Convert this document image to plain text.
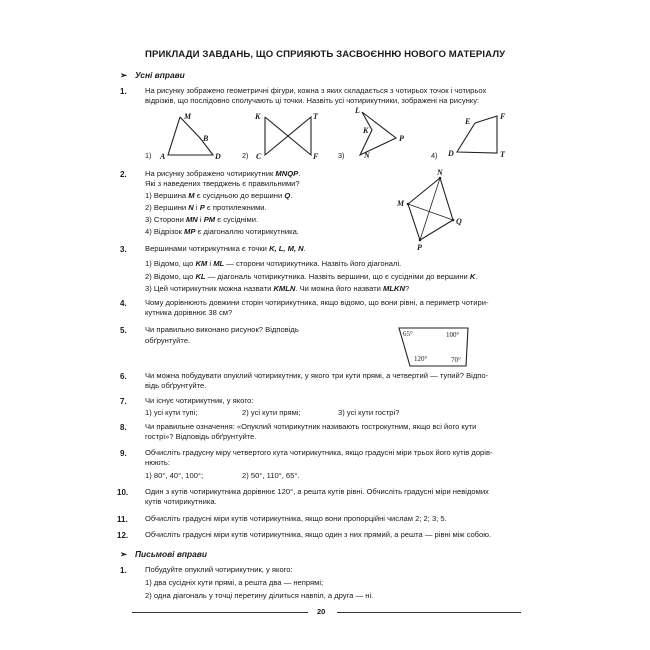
ПРИКЛАДИ ЗАВДАНЬ, ЩО СПРИЯЮТЬ ЗАСВОЄННЮ НОВОГО МАТЕРІАЛУ
➢ Усні вправи
1. На рисунку зображено геометричні фігури, кожна з яких складається з чотирьох точок і чотирьох
відрізків, що послідовно сполучають ці точки. Назвіть усі чотирикутники, зображені на рисунку:
1)	2)	3)	4)
M
B
A	D
K	T
C	F
L
K
P
N
E
F
D	T
N
M
Q
P
65°	100°
120°	70°
2. На рисунку зображено чотирикутник MNQP.
Які з наведених тверджень є правильними?
1) Вершина M є сусідньою до вершини Q.
2) Вершини N і P є протилежними.
3) Сторони MN і PM є сусідніми.
4) Відрізок MP є діагоналлю чотирикутника.
3. Вершинами чотирикутника є точки K, L, M, N.
1) Відомо, що KM і ML — сторони чотирикутника. Назвіть його діагоналі.
2) Відомо, що KL — діагональ чотирикутника. Назвіть вершини, що є сусідніми до вершини K.
3) Цей чотирикутник можна назвати KMLN. Чи можна його назвати MLKN?
4. Чому дорівнюють довжини сторін чотирикутника, якщо відомо, що вони рівні, а периметр чотири-
кутника дорівнює 38 см?
5. Чи правильно виконано рисунок? Відповідь
обґрунтуйте.
6. Чи можна побудувати опуклий чотирикутник, у якого три кути прямі, а четвертий — тупий? Відпо-
відь обґрунтуйте.
7. Чи існує чотирикутник, у якого:
1) усі кути тупі;	2) усі кути прямі;	3) усі кути гострі?
8. Чи правильне означення: «Опуклий чотирикутник називають гострокутним, якщо всі його кути
гострі»? Відповідь обґрунтуйте.
9. Обчисліть градусну міру четвертого кута чотирикутника, якщо градусні міри трьох його кутів дорів-
нюють:
1) 80°, 40°, 100°;	2) 50°, 110°, 65°.
10. Один з кутів чотирикутника дорівнює 120°, а решта кутів рівні. Обчисліть градусні міри невідомих
кутів чотирикутника.
11. Обчисліть градусні міри кутів чотирикутника, якщо вони пропорційні числам 2; 2; 3; 5.
12. Обчисліть градусні міри кутів чотирикутника, якщо один з них прямий, а решта — рівні між собою.
➢ Письмові вправи
1. Побудуйте опуклий чотирикутник, у якого:
1) два сусідніх кути прямі, а решта два — непрямі;
2) одна діагональ у точці перетину ділиться навпіл, а друга — ні.
20
